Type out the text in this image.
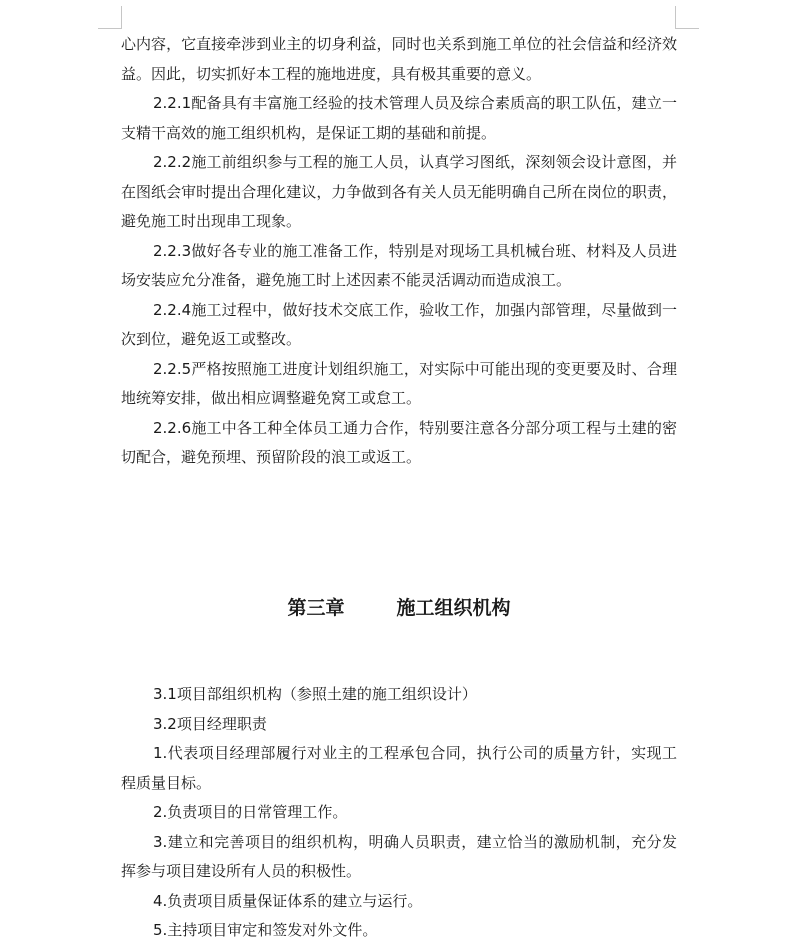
心内容，它直接牵涉到业主的切身利益，同时也关系到施工单位的社会信益和经济效益。因此，切实抓好本工程的施地进度，具有极其重要的意义。

2.2.1配备具有丰富施工经验的技术管理人员及综合素质高的职工队伍，建立一支精干高效的施工组织机构，是保证工期的基础和前提。

2.2.2施工前组织参与工程的施工人员，认真学习图纸，深刻领会设计意图，并在图纸会审时提出合理化建议，力争做到各有关人员无能明确自己所在岗位的职责，避免施工时出现串工现象。

2.2.3做好各专业的施工准备工作，特别是对现场工具机械台班、材料及人员进场安装应允分准备，避免施工时上述因素不能灵活调动而造成浪工。

2.2.4施工过程中，做好技术交底工作，验收工作，加强内部管理，尽量做到一次到位，避免返工或整改。

2.2.5严格按照施工进度计划组织施工，对实际中可能出现的变更要及时、合理地统筹安排，做出相应调整避免窝工或怠工。

2.2.6施工中各工种全体员工通力合作，特别要注意各分部分项工程与土建的密切配合，避免预埋、预留阶段的浪工或返工。

第三章	施工组织机构

3.1项目部组织机构（参照土建的施工组织设计）

3.2项目经理职责

1.代表项目经理部履行对业主的工程承包合同，执行公司的质量方针，实现工程质量目标。

2.负责项目的日常管理工作。

3.建立和完善项目的组织机构，明确人员职责，建立恰当的激励机制，充分发挥参与项目建设所有人员的积极性。

4.负责项目质量保证体系的建立与运行。

5.主持项目审定和签发对外文件。
